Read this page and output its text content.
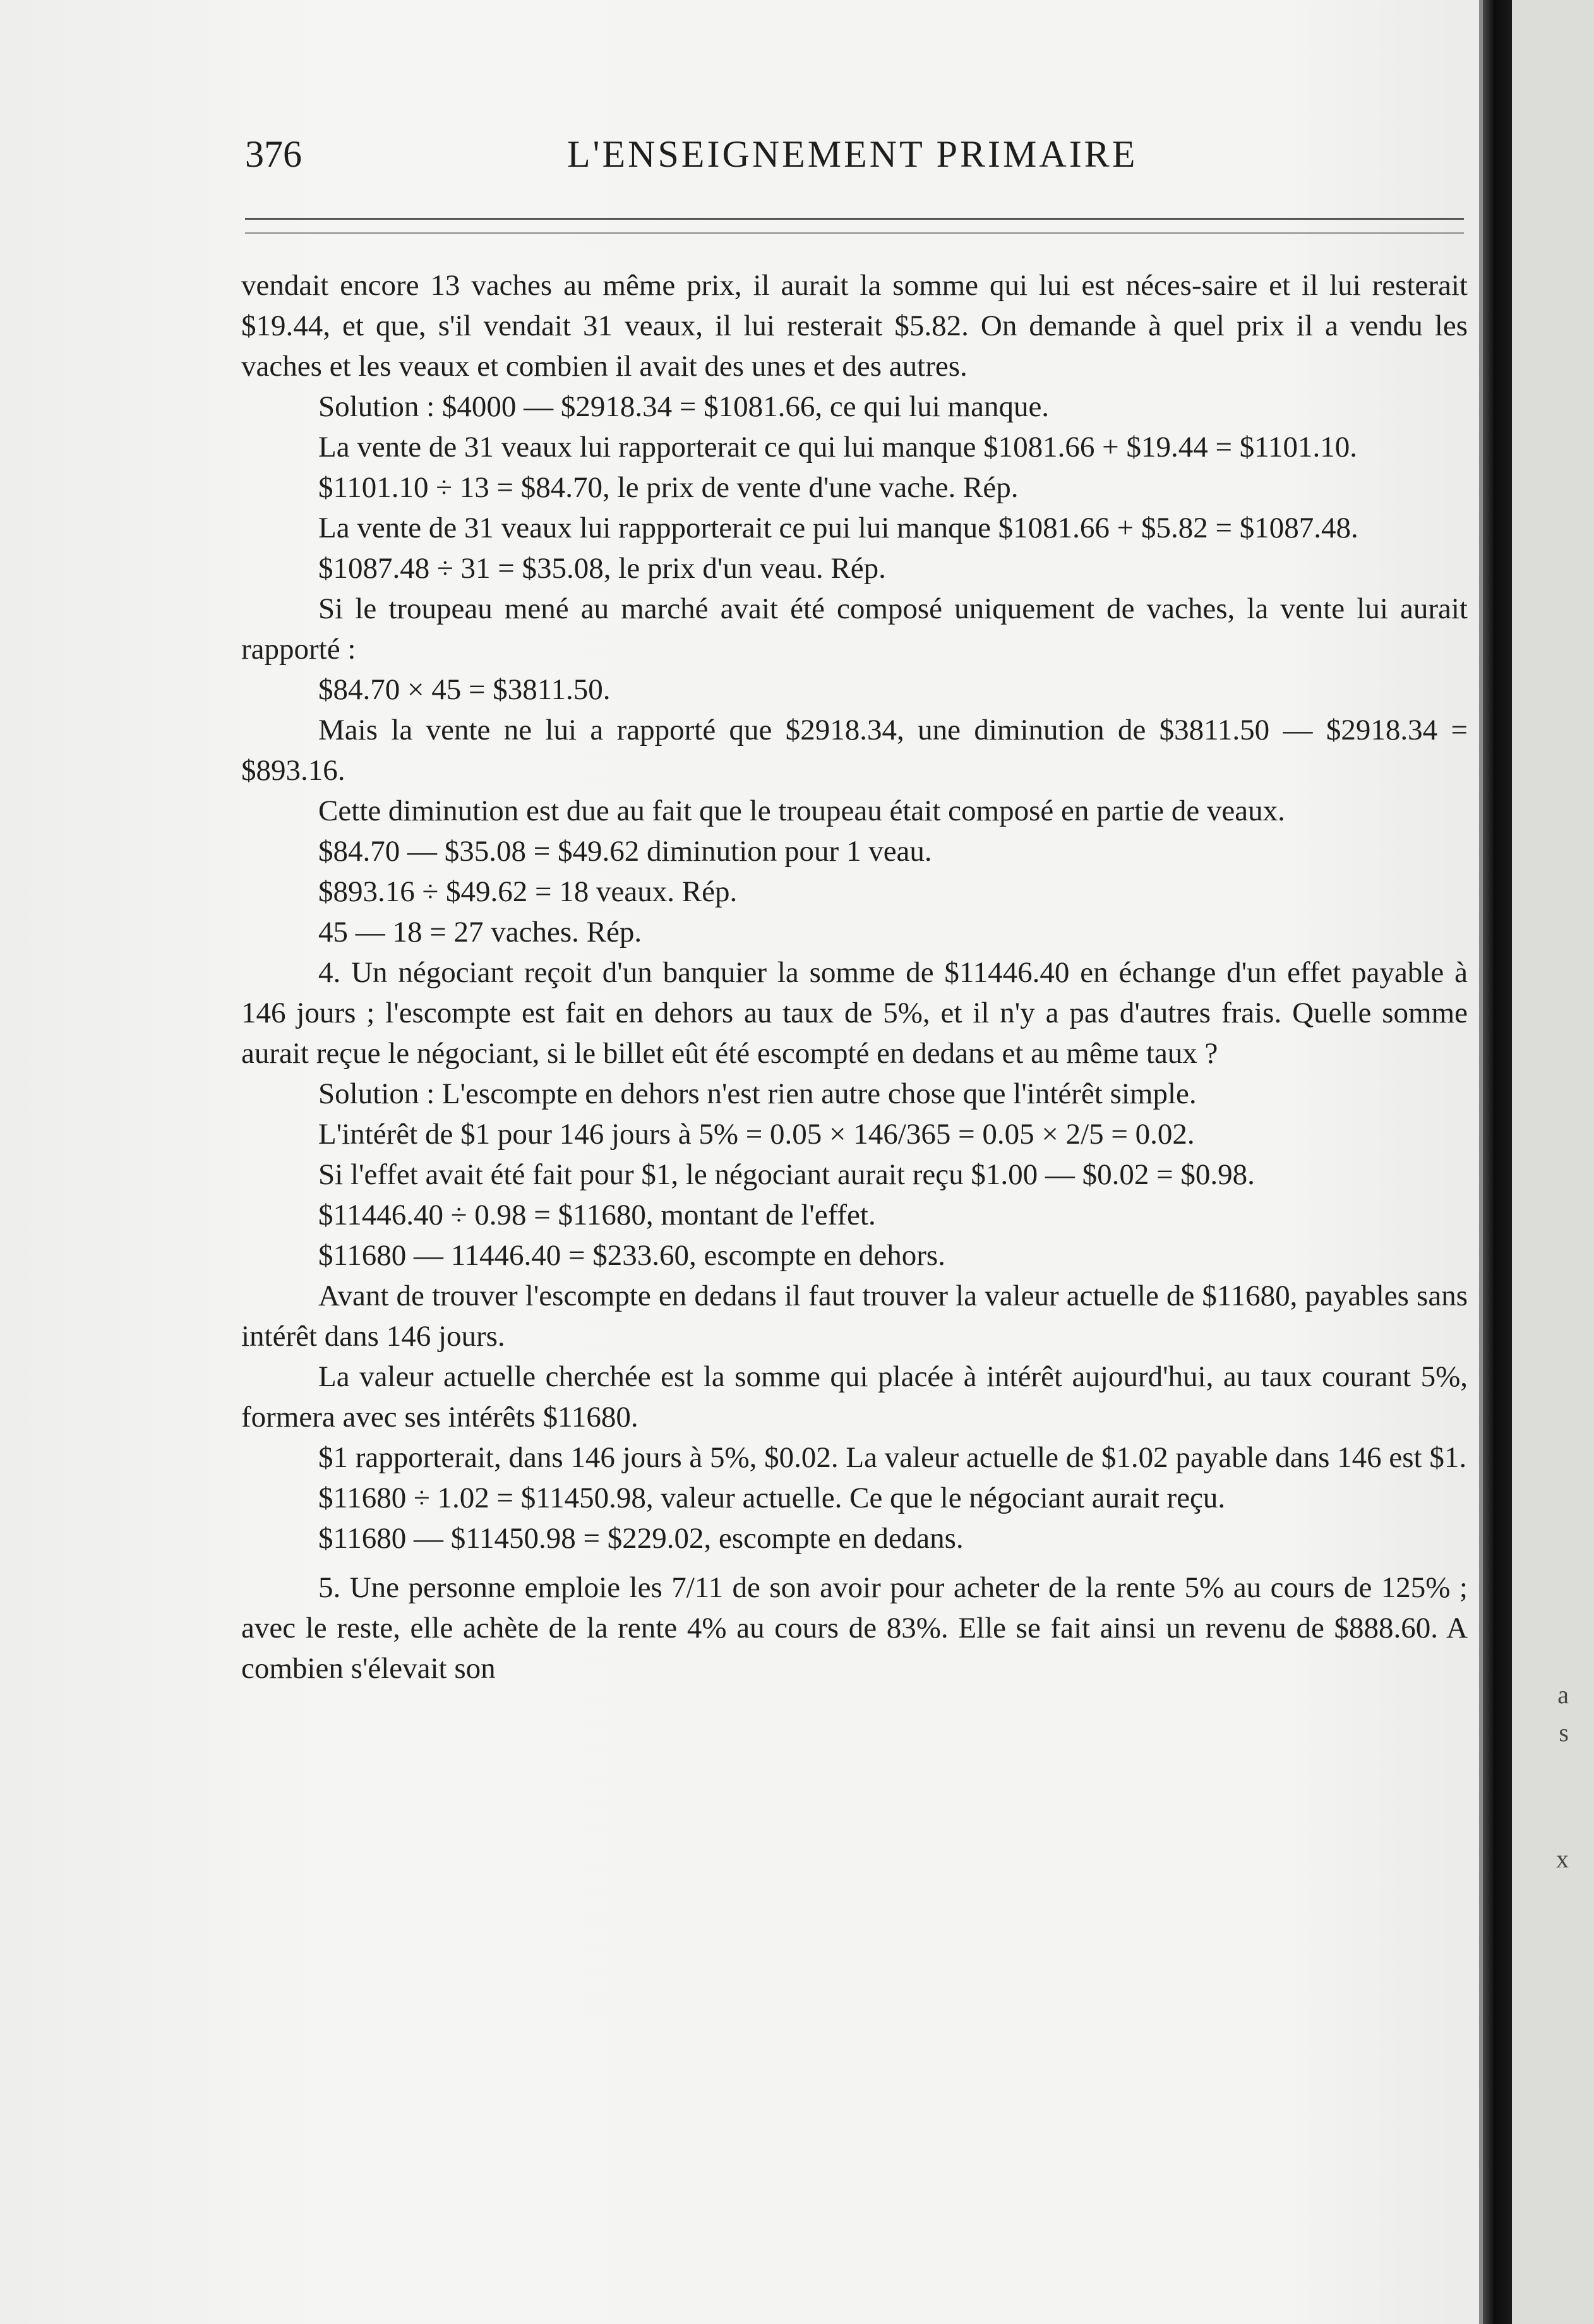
a
s
x
376	L'ENSEIGNEMENT PRIMAIRE

vendait encore 13 vaches au même prix, il aurait la somme qui lui est néces-saire et il lui resterait $19.44, et que, s'il vendait 31 veaux, il lui resterait $5.82. On demande à quel prix il a vendu les vaches et les veaux et combien il avait des unes et des autres.

Solution : $4000 — $2918.34 = $1081.66, ce qui lui manque.

La vente de 31 veaux lui rapporterait ce qui lui manque $1081.66 + $19.44 = $1101.10.

$1101.10 ÷ 13 = $84.70, le prix de vente d'une vache. Rép.

La vente de 31 veaux lui rappporterait ce pui lui manque $1081.66 + $5.82 = $1087.48.

$1087.48 ÷ 31 = $35.08, le prix d'un veau. Rép.

Si le troupeau mené au marché avait été composé uniquement de vaches, la vente lui aurait rapporté :

$84.70 × 45 = $3811.50.

Mais la vente ne lui a rapporté que $2918.34, une diminution de $3811.50 — $2918.34 = $893.16.

Cette diminution est due au fait que le troupeau était composé en partie de veaux.

$84.70 — $35.08 = $49.62 diminution pour 1 veau.

$893.16 ÷ $49.62 = 18 veaux. Rép.

45 — 18 = 27 vaches. Rép.

4. Un négociant reçoit d'un banquier la somme de $11446.40 en échange d'un effet payable à 146 jours ; l'escompte est fait en dehors au taux de 5%, et il n'y a pas d'autres frais. Quelle somme aurait reçue le négociant, si le billet eût été escompté en dedans et au même taux ?

Solution : L'escompte en dehors n'est rien autre chose que l'intérêt simple.

L'intérêt de $1 pour 146 jours à 5% = 0.05 × 146/365 = 0.05 × 2/5 = 0.02.

Si l'effet avait été fait pour $1, le négociant aurait reçu $1.00 — $0.02 = $0.98.

$11446.40 ÷ 0.98 = $11680, montant de l'effet.

$11680 — 11446.40 = $233.60, escompte en dehors.

Avant de trouver l'escompte en dedans il faut trouver la valeur actuelle de $11680, payables sans intérêt dans 146 jours.

La valeur actuelle cherchée est la somme qui placée à intérêt aujourd'hui, au taux courant 5%, formera avec ses intérêts $11680.

$1 rapporterait, dans 146 jours à 5%, $0.02. La valeur actuelle de $1.02 payable dans 146 est $1.

$11680 ÷ 1.02 = $11450.98, valeur actuelle. Ce que le négociant aurait reçu.

$11680 — $11450.98 = $229.02, escompte en dedans.

5. Une personne emploie les 7/11 de son avoir pour acheter de la rente 5% au cours de 125% ; avec le reste, elle achète de la rente 4% au cours de 83%. Elle se fait ainsi un revenu de $888.60. A combien s'élevait son
